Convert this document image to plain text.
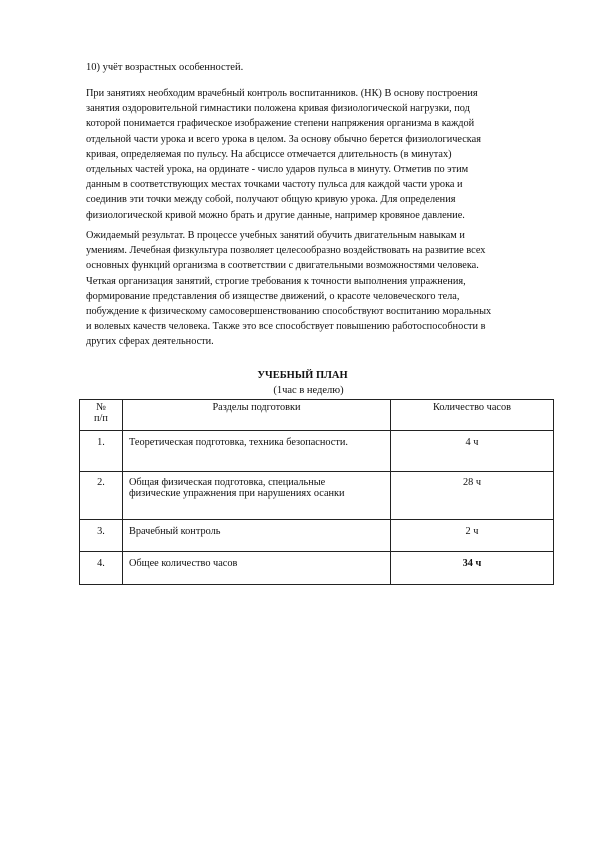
10) учёт возрастных особенностей.
При занятиях необходим врачебный контроль воспитанников. (НК) В основу построения
занятия оздоровительной гимнастики положена кривая физиологической нагрузки, под
которой понимается графическое изображение степени напряжения организма в каждой
отдельной части урока и всего урока в целом. За основу обычно берется физиологическая
кривая, определяемая по пульсу. На абсциссе отмечается длительность (в минутах)
отдельных частей урока, на ординате - число ударов пульса в минуту. Отметив по этим
данным в соответствующих местах точками частоту пульса для каждой части урока и
соединив эти точки между собой, получают общую кривую урока. Для определения
физиологической кривой можно брать и другие данные, например кровяное давление.
Ожидаемый результат. В процессе учебных занятий обучить двигательным навыкам и
умениям. Лечебная физкультура позволяет целесообразно воздействовать на развитие всех
основных функций организма в соответствии с двигательными возможностями человека.
Четкая организация занятий, строгие требования к точности выполнения упражнения,
формирование представления об изяществе движений, о красоте человеческого тела,
побуждение к физическому самосовершенствованию способствуют воспитанию моральных
и волевых качеств человека. Также это все способствует повышению работоспособности в
других сферах деятельности.
УЧЕБНЫЙ ПЛАН
(1час в неделю)
№
п/п	Разделы подготовки	Количество часов
1.	Теоретическая подготовка, техника безопасности.	4 ч
2.	Общая физическая подготовка, специальные
физические упражнения при нарушениях осанки	28 ч
3.	Врачебный контроль	2 ч
4.	Общее количество часов	34 ч
